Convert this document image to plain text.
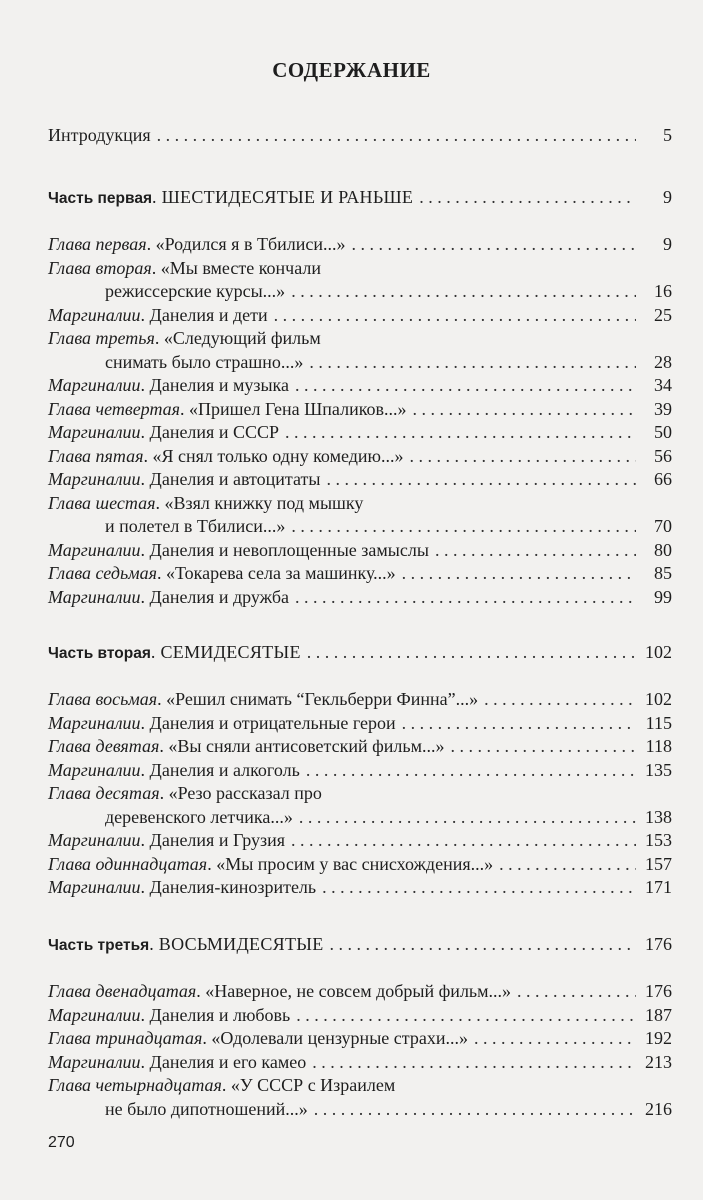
СОДЕРЖАНИЕ
Интродукция . . .	5
Часть первая. ШЕСТИДЕСЯТЫЕ И РАНЬШЕ . . .	9
Глава первая. «Родился я в Тбилиси...» . . .	9
Глава вторая. «Мы вместе кончали
режиссерские курсы...» . . .	16
Маргиналии. Данелия и дети . . .	25
Глава третья. «Следующий фильм
снимать было страшно...» . . .	28
Маргиналии. Данелия и музыка . . .	34
Глава четвертая. «Пришел Гена Шпаликов...» . . .	39
Маргиналии. Данелия и СССР . . .	50
Глава пятая. «Я снял только одну комедию...» . . .	56
Маргиналии. Данелия и автоцитаты . . .	66
Глава шестая. «Взял книжку под мышку
и полетел в Тбилиси...» . . .	70
Маргиналии. Данелия и невоплощенные замыслы . . .	80
Глава седьмая. «Токарева села за машинку...» . . .	85
Маргиналии. Данелия и дружба . . .	99
Часть вторая. СЕМИДЕСЯТЫЕ . . .	102
Глава восьмая. «Решил снимать “Гекльберри Финна”...» . . .	102
Маргиналии. Данелия и отрицательные герои . . .	115
Глава девятая. «Вы сняли антисоветский фильм...» . . .	118
Маргиналии. Данелия и алкоголь . . .	135
Глава десятая. «Резо рассказал про
деревенского летчика...» . . .	138
Маргиналии. Данелия и Грузия . . .	153
Глава одиннадцатая. «Мы просим у вас снисхождения...» . . .	157
Маргиналии. Данелия-кинозритель . . .	171
Часть третья. ВОСЬМИДЕСЯТЫЕ . . .	176
Глава двенадцатая. «Наверное, не совсем добрый фильм...» . . .	176
Маргиналии. Данелия и любовь . . .	187
Глава тринадцатая. «Одолевали цензурные страхи...» . . .	192
Маргиналии. Данелия и его камео . . .	213
Глава четырнадцатая. «У СССР с Израилем
не было дипотношений...» . . .	216
270
